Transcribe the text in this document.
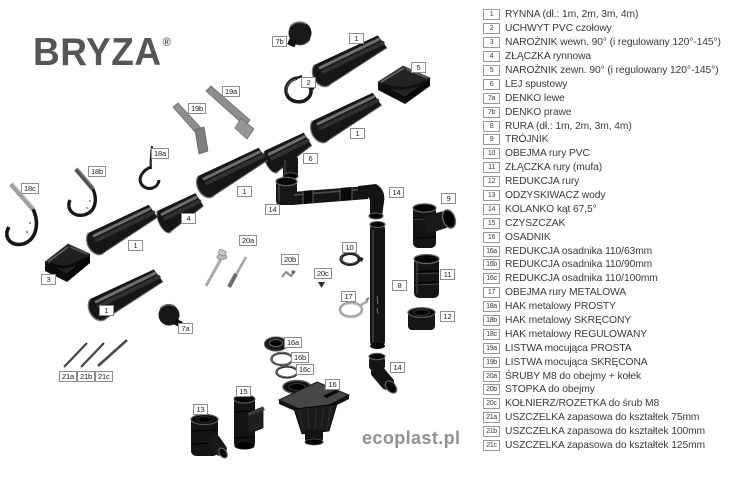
BRYZA®	7b	1
5
2
19a
19b
1
18a
6
18b
18c	1	14
9
14
4
20a
1	10
20b
20c	11
3
8
17
1
12
7a
16a
16b
16c	14
21a 21b 21c
16
15
13
ecoplast.pl
1	RYNNA (dł.: 1m, 2m, 3m, 4m)
2	UCHWYT PVC czołowy
3	NAROŻNIK wewn. 90° (i regulowany 120°-145°)
4	ZŁĄCZKA rynnowa
5	NAROŻNIK zewn. 90° (i regulowany 120°-145°)
6	LEJ spustowy
7a DENKO lewe
7b DENKO prawe
8	RURA (dł.: 1m, 2m, 3m, 4m)
9	TRÓJNIK
10 OBEJMA rury PVC
11 ZŁĄCZKA rury (mufa)
12 REDUKCJA rury
13 ODZYSKIWACZ wody
14 KOLANKO kąt 67,5°
15 CZYSZCZAK
16 OSADNIK
16a REDUKCJA osadnika 110/63mm
16b REDUKCJA osadnika 110/90mm
16c REDUKCJA osadnika 110/100mm
17 OBEJMA rury METALOWA
18a HAK metalowy PROSTY
18b HAK metalowy SKRĘCONY
18c HAK metalowy REGULOWANY
19a LISTWA mocująca PROSTA
19b LISTWA mocująca SKRĘCONA
20a ŚRUBY M8 do obejmy + kołek
20b STOPKA do obejmy
20c KOŁNIERZ/ROZETKA do śrub M8
21a USZCZELKA zapasowa do kształtek 75mm
21b USZCZELKA zapasowa do kształtek 100mm
21c USZCZELKA zapasowa do kształtek 125mm
